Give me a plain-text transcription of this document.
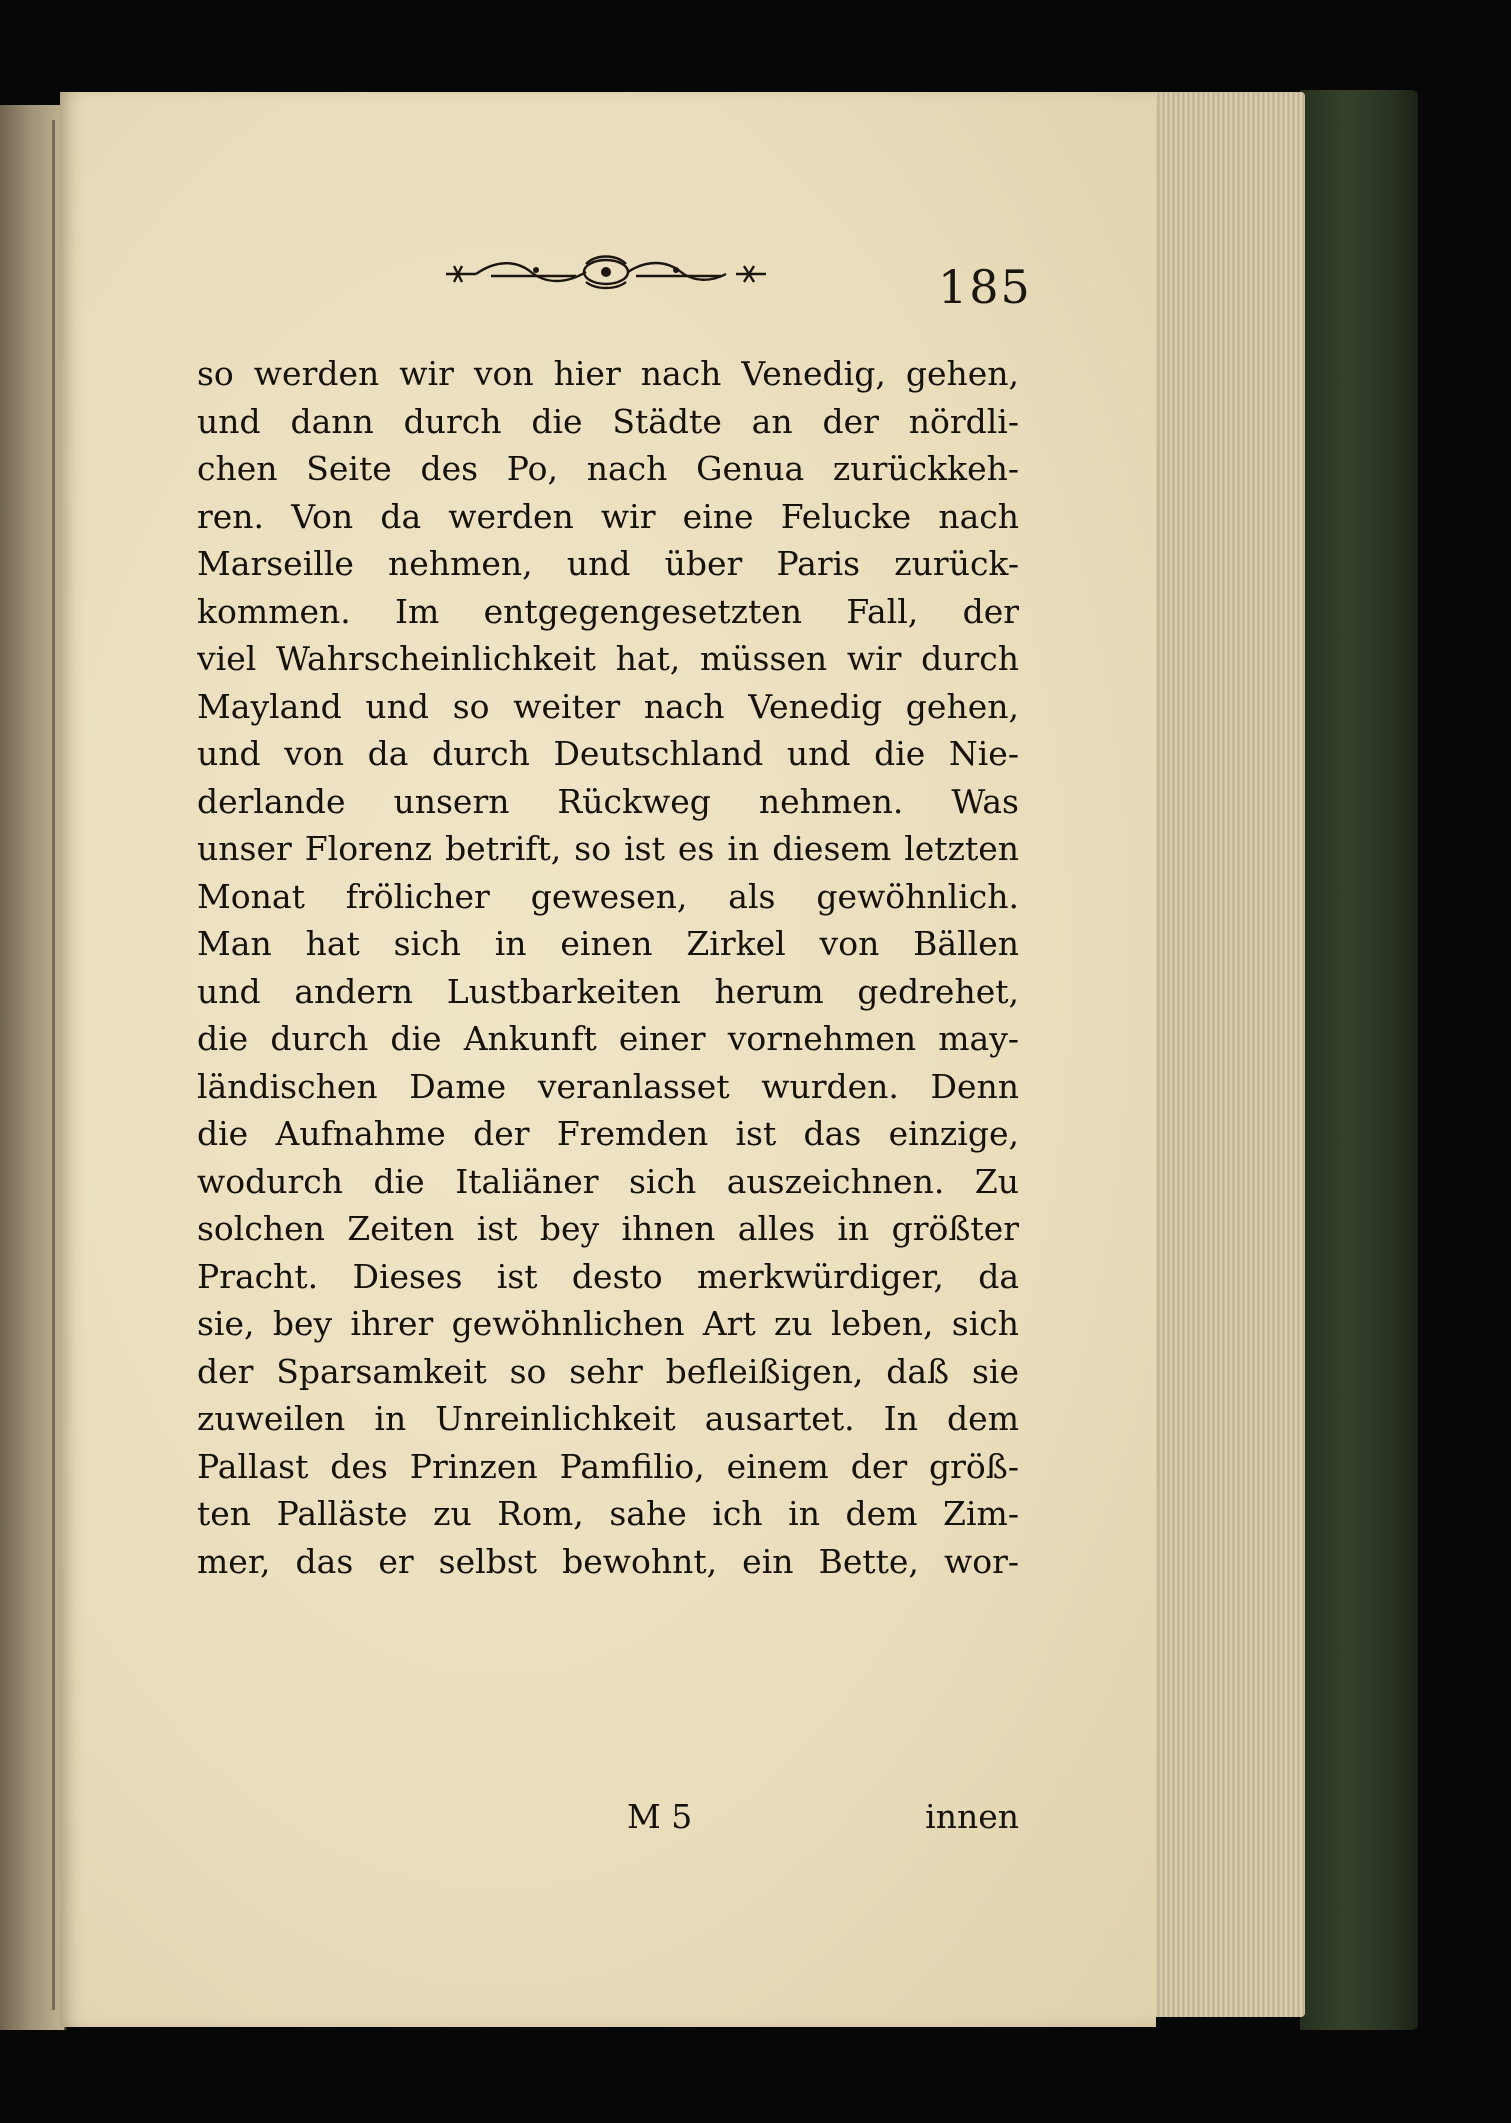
185
so werden wir von hier nach Venedig, gehen,
und dann durch die Städte an der nördli-
chen Seite des Po, nach Genua zurückkeh-
ren. Von da werden wir eine Felucke nach
Marseille nehmen, und über Paris zurück-
kommen. Im entgegengesetzten Fall, der
viel Wahrscheinlichkeit hat, müssen wir durch
Mayland und so weiter nach Venedig gehen,
und von da durch Deutschland und die Nie-
derlande unsern Rückweg nehmen. Was
unser Florenz betrift, so ist es in diesem letzten
Monat frölicher gewesen, als gewöhnlich.
Man hat sich in einen Zirkel von Bällen
und andern Lustbarkeiten herum gedrehet,
die durch die Ankunft einer vornehmen may-
ländischen Dame veranlasset wurden. Denn
die Aufnahme der Fremden ist das einzige,
wodurch die Italiäner sich auszeichnen. Zu
solchen Zeiten ist bey ihnen alles in größter
Pracht. Dieses ist desto merkwürdiger, da
sie, bey ihrer gewöhnlichen Art zu leben, sich
der Sparsamkeit so sehr befleißigen, daß sie
zuweilen in Unreinlichkeit ausartet. In dem
Pallast des Prinzen Pamfilio, einem der größ-
ten Palläste zu Rom, sahe ich in dem Zim-
mer, das er selbst bewohnt, ein Bette, wor-
M 5	innen
